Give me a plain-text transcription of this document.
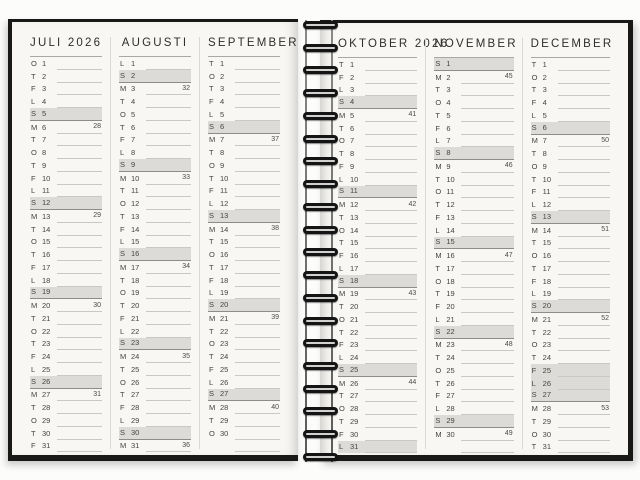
JULI 2026
O 1
T 2
F 3
L 4
S 5
M 6	28
T 7
O 8
T 9
F 10
L 11
S 12
M 13	29
T 14
O 15
T 16
F 17
L 18
S 19
M 20	30
T 21
O 22
T 23
F 24
L 25
S 26
M 27	31
T 28
O 29
T 30
F 31
AUGUSTI
L 1
S 2
M 3	32
T 4
O 5
T 6
F 7
L 8
S 9
M 10	33
T 11
O 12
T 13
F 14
L 15
S 16
M 17	34
T 18
O 19
T 20
F 21
L 22
S 23
M 24	35
T 25
O 26
T 27
F 28
L 29
S 30
M 31	36
SEPTEMBER
T 1
O 2
T 3
F 4
L 5
S 6
M 7	37
T 8
O 9
T 10
F 11
L 12
S 13
M 14	38
T 15
O 16
T 17
F 18
L 19
S 20
M 21	39
T 22
O 23
T 24
F 25
L 26
S 27
M 28	40
T 29
O 30
OKTOBER 2026
T 1
F 2
L 3
S 4
M 5	41
T 6
O 7
T 8
F 9
L 10
S 11
M 12	42
T 13
O 14
T 15
F 16
L 17
S 18
M 19	43
T 20
O 21
T 22
F 23
L 24
S 25
M 26	44
T 27
O 28
T 29
F 30
L 31
NOVEMBER
S 1
M 2	45
T 3
O 4
T 5
F 6
L 7
S 8
M 9	46
T 10
O 11
T 12
F 13
L 14
S 15
M 16	47
T 17
O 18
T 19
F 20
L 21
S 22
M 23	48
T 24
O 25
T 26
F 27
L 28
S 29
M 30	49
DECEMBER
T 1
O 2
T 3
F 4
L 5
S 6
M 7	50
T 8
O 9
T 10
F 11
L 12
S 13
M 14	51
T 15
O 16
T 17
F 18
L 19
S 20
M 21	52
T 22
O 23
T 24
F 25
L 26
S 27
M 28	53
T 29
O 30
T 31
